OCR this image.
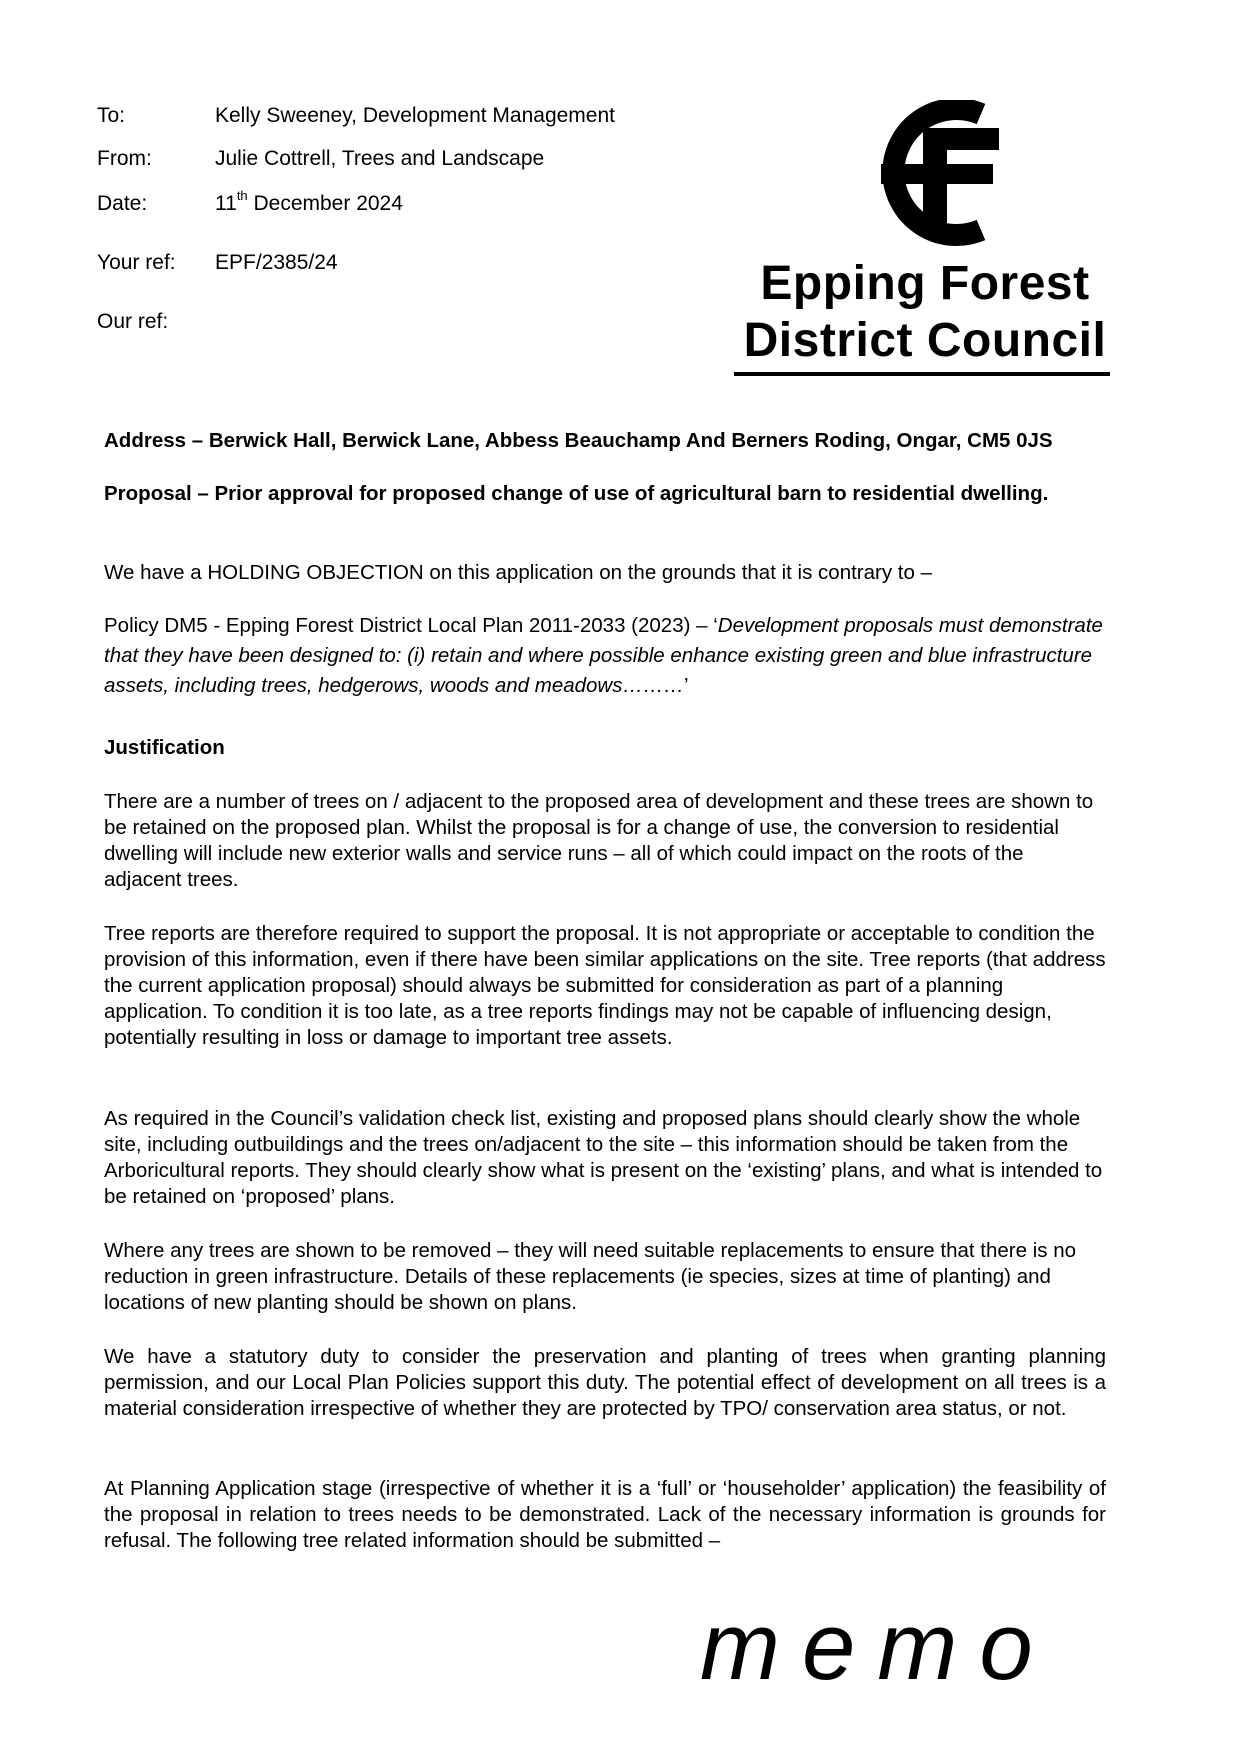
To:	Kelly Sweeney, Development Management
From:	Julie Cottrell, Trees and Landscape
Date:	11th December 2024
Your ref: EPF/2385/24
Our ref:
Epping Forest
District Council
Address – Berwick Hall, Berwick Lane, Abbess Beauchamp And Berners Roding, Ongar, CM5 0JS
Proposal – Prior approval for proposed change of use of agricultural barn to residential dwelling.
We have a HOLDING OBJECTION on this application on the grounds that it is contrary to –
Policy DM5 - Epping Forest District Local Plan 2011-2033 (2023) – ‘Development proposals must demonstrate that they have been designed to: (i) retain and where possible enhance existing green and blue infrastructure assets, including trees, hedgerows, woods and meadows………’
Justification
There are a number of trees on / adjacent to the proposed area of development and these trees are shown to be retained on the proposed plan. Whilst the proposal is for a change of use, the conversion to residential dwelling will include new exterior walls and service runs – all of which could impact on the roots of the adjacent trees.
Tree reports are therefore required to support the proposal. It is not appropriate or acceptable to condition the provision of this information, even if there have been similar applications on the site. Tree reports (that address the current application proposal) should always be submitted for consideration as part of a planning application. To condition it is too late, as a tree reports findings may not be capable of influencing design, potentially resulting in loss or damage to important tree assets.
As required in the Council’s validation check list, existing and proposed plans should clearly show the whole site, including outbuildings and the trees on/adjacent to the site – this information should be taken from the Arboricultural reports. They should clearly show what is present on the ‘existing’ plans, and what is intended to be retained on ‘proposed’ plans.
Where any trees are shown to be removed – they will need suitable replacements to ensure that there is no reduction in green infrastructure. Details of these replacements (ie species, sizes at time of planting) and locations of new planting should be shown on plans.
We have a statutory duty to consider the preservation and planting of trees when granting planning permission, and our Local Plan Policies support this duty. The potential effect of development on all trees is a material consideration irrespective of whether they are protected by TPO/ conservation area status, or not.
At Planning Application stage (irrespective of whether it is a ‘full’ or ‘householder’ application) the feasibility of the proposal in relation to trees needs to be demonstrated. Lack of the necessary information is grounds for refusal. The following tree related information should be submitted –
memo
